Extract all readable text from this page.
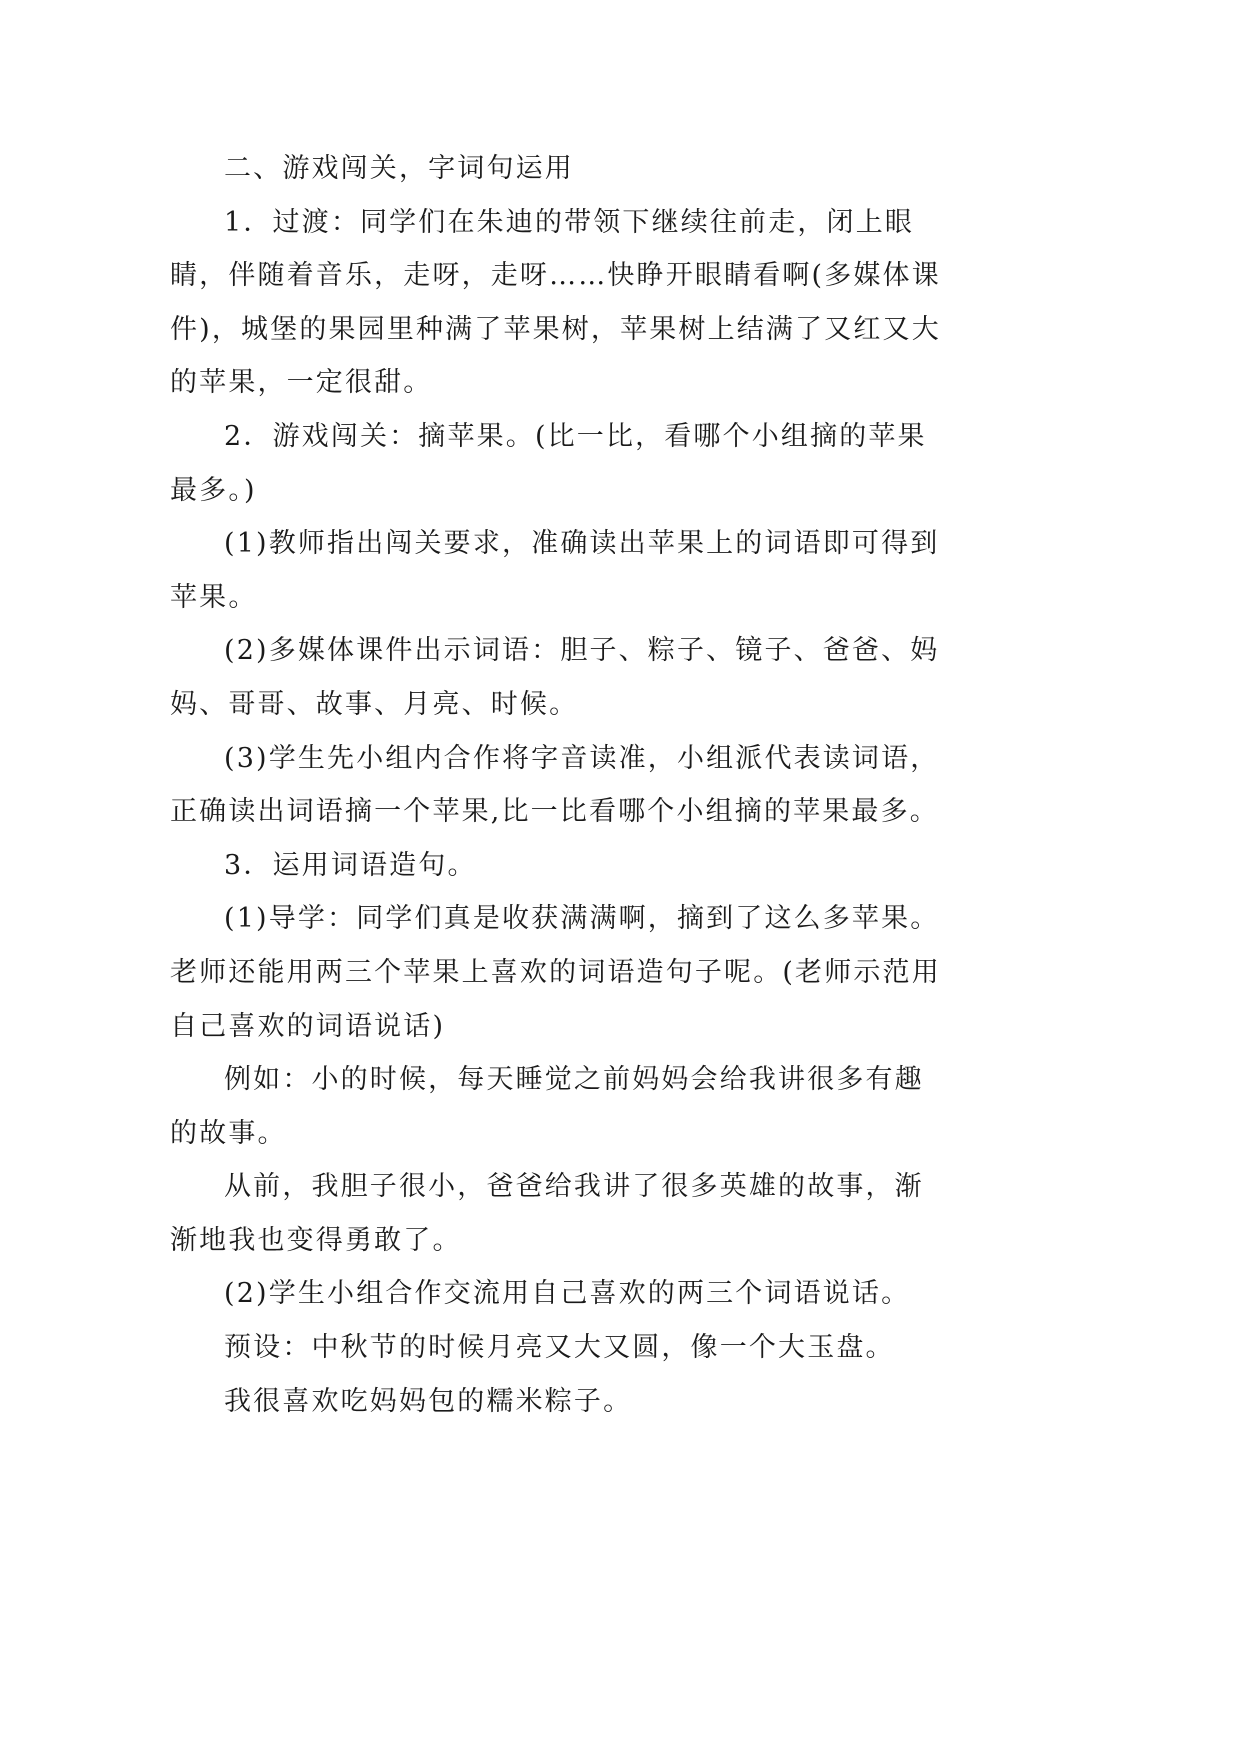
二、游戏闯关，字词句运用

1．过渡：同学们在朱迪的带领下继续往前走，闭上眼睛，伴随着音乐，走呀，走呀……快睁开眼睛看啊(多媒体课件)，城堡的果园里种满了苹果树，苹果树上结满了又红又大的苹果，一定很甜。

2．游戏闯关：摘苹果。(比一比，看哪个小组摘的苹果最多。)

(1)教师指出闯关要求，准确读出苹果上的词语即可得到苹果。

(2)多媒体课件出示词语：胆子、粽子、镜子、爸爸、妈妈、哥哥、故事、月亮、时候。

(3)学生先小组内合作将字音读准，小组派代表读词语，正确读出词语摘一个苹果,比一比看哪个小组摘的苹果最多。

3．运用词语造句。

(1)导学：同学们真是收获满满啊，摘到了这么多苹果。老师还能用两三个苹果上喜欢的词语造句子呢。(老师示范用自己喜欢的词语说话)

例如：小的时候，每天睡觉之前妈妈会给我讲很多有趣的故事。

从前，我胆子很小，爸爸给我讲了很多英雄的故事，渐渐地我也变得勇敢了。

(2)学生小组合作交流用自己喜欢的两三个词语说话。

预设：中秋节的时候月亮又大又圆，像一个大玉盘。

我很喜欢吃妈妈包的糯米粽子。
